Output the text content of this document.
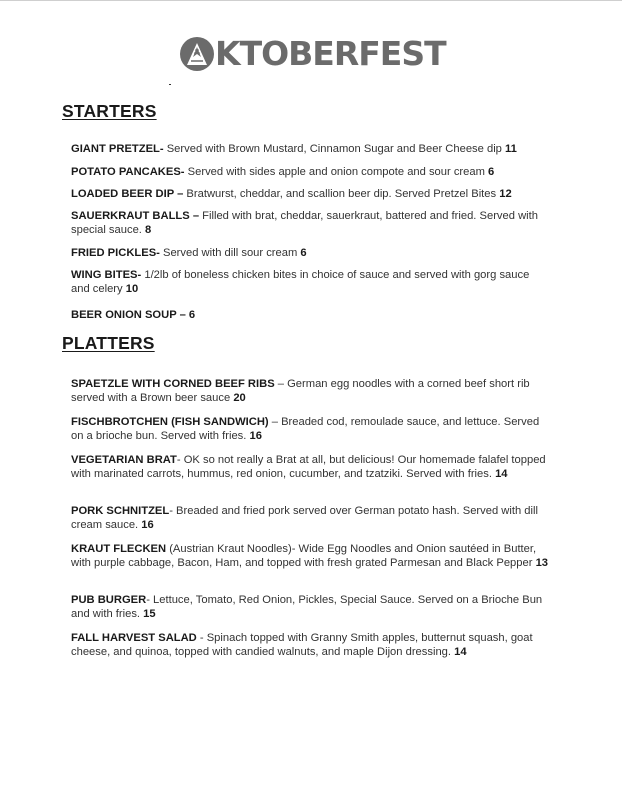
KTOBERFEST
STARTERS
GIANT PRETZEL- Served with Brown Mustard, Cinnamon Sugar and Beer Cheese dip 11
POTATO PANCAKES- Served with sides apple and onion compote and sour cream 6
LOADED BEER DIP – Bratwurst, cheddar, and scallion beer dip. Served Pretzel Bites 12
SAUERKRAUT BALLS – Filled with brat, cheddar, sauerkraut, battered and fried. Served with special sauce. 8
FRIED PICKLES- Served with dill sour cream 6
WING BITES- 1/2lb of boneless chicken bites in choice of sauce and served with gorg sauce and celery 10
BEER ONION SOUP – 6
PLATTERS
SPAETZLE WITH CORNED BEEF RIBS – German egg noodles with a corned beef short rib served with a Brown beer sauce 20
FISCHBROTCHEN (FISH SANDWICH) – Breaded cod, remoulade sauce, and lettuce. Served on a brioche bun. Served with fries. 16
VEGETARIAN BRAT- OK so not really a Brat at all, but delicious! Our homemade falafel topped with marinated carrots, hummus, red onion, cucumber, and tzatziki. Served with fries. 14
PORK SCHNITZEL- Breaded and fried pork served over German potato hash. Served with dill cream sauce. 16
KRAUT FLECKEN (Austrian Kraut Noodles)- Wide Egg Noodles and Onion sautéed in Butter, with purple cabbage, Bacon, Ham, and topped with fresh grated Parmesan and Black Pepper 13
PUB BURGER- Lettuce, Tomato, Red Onion, Pickles, Special Sauce. Served on a Brioche Bun and with fries. 15
FALL HARVEST SALAD - Spinach topped with Granny Smith apples, butternut squash, goat cheese, and quinoa, topped with candied walnuts, and maple Dijon dressing. 14
